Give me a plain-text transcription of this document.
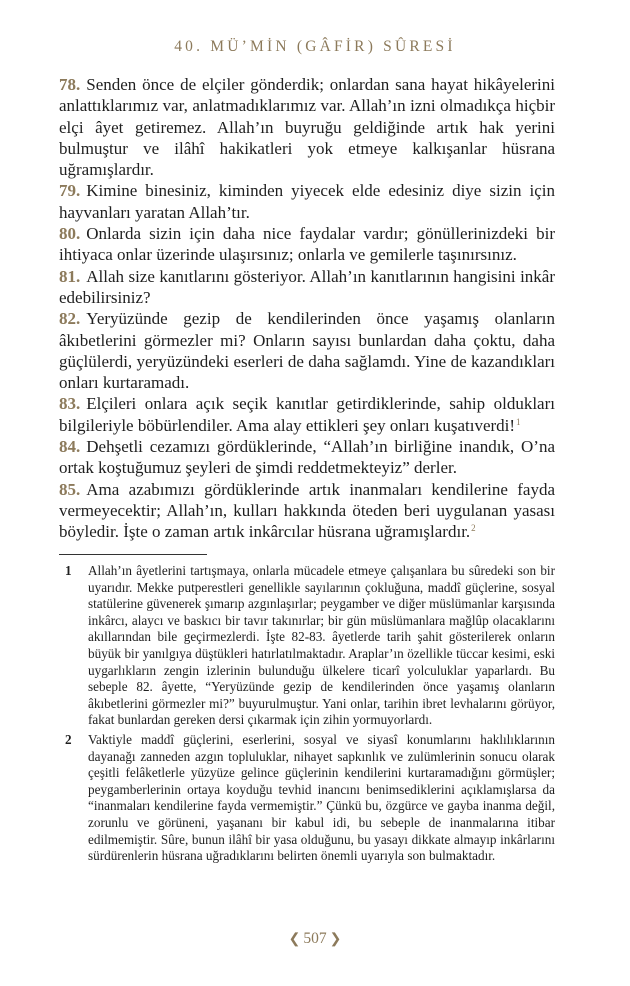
40. MÜ’MİN (GÂFİR) SÛRESİ

78. Senden önce de elçiler gönderdik; onlardan sana hayat hikâyelerini anlattıklarımız var, anlatmadıklarımız var. Allah’ın izni olmadıkça hiçbir elçi âyet getiremez. Allah’ın buyruğu geldiğinde artık hak yerini bulmuştur ve ilâhî hakikatleri yok etmeye kalkışanlar hüsrana uğramışlardır.

79. Kimine binesiniz, kiminden yiyecek elde edesiniz diye sizin için hayvanları yaratan Allah’tır.

80. Onlarda sizin için daha nice faydalar vardır; gönüllerinizdeki bir ihtiyaca onlar üzerinde ulaşırsınız; onlarla ve gemilerle taşınırsınız.

81. Allah size kanıtlarını gösteriyor. Allah’ın kanıtlarının hangisini inkâr edebilirsiniz?

82. Yeryüzünde gezip de kendilerinden önce yaşamış olanların âkıbetlerini görmezler mi? Onların sayısı bunlardan daha çoktu, daha güçlülerdi, yeryüzündeki eserleri de daha sağlamdı. Yine de kazandıkları onları kurtaramadı.

83. Elçileri onlara açık seçik kanıtlar getirdiklerinde, sahip oldukları bilgileriyle böbürlendiler. Ama alay ettikleri şey onları kuşatıverdi!$^1$

84. Dehşetli cezamızı gördüklerinde, “Allah’ın birliğine inandık, O’na ortak koştuğumuz şeyleri de şimdi reddetmekteyiz” derler.

85. Ama azabımızı gördüklerinde artık inanmaları kendilerine fayda vermeyecektir; Allah’ın, kulları hakkında öteden beri uygulanan yasası böyledir. İşte o zaman artık inkârcılar hüsrana uğramışlardır.$^2$

1 Allah’ın âyetlerini tartışmaya, onlarla mücadele etmeye çalışanlara bu sûredeki son bir uyarıdır. Mekke putperestleri genellikle sayılarının çokluğuna, maddî güçlerine, sosyal statülerine güvenerek şımarıp azgınlaşırlar; peygamber ve diğer müslümanlar karşısında inkârcı, alaycı ve baskıcı bir tavır takınırlar; bir gün müslümanlara mağlûp olacaklarını akıllarından bile geçirmezlerdi. İşte 82-83. âyetlerde tarih şahit gösterilerek onların büyük bir yanılgıya düştükleri hatırlatılmaktadır. Araplar’ın özellikle tüccar kesimi, eski uygarlıkların zengin izlerinin bulunduğu ülkelere ticarî yolculuklar yaparlardı. Bu sebeple 82. âyette, “Yeryüzünde gezip de kendilerinden önce yaşamış olanların âkıbetlerini görmezler mi?” buyurulmuştur. Yani onlar, tarihin ibret levhalarını görüyor, fakat bunlardan gereken dersi çıkarmak için zihin yormuyorlardı.

2 Vaktiyle maddî güçlerini, eserlerini, sosyal ve siyasî konumlarını haklılıklarının dayanağı zanneden azgın topluluklar, nihayet sapkınlık ve zulümlerinin sonucu olarak çeşitli felâketlerle yüzyüze gelince güçlerinin kendilerini kurtaramadığını görmüşler; peygamberlerinin ortaya koyduğu tevhid inancını benimsediklerini açıklamışlarsa da “inanmaları kendilerine fayda vermemiştir.” Çünkü bu, özgürce ve gayba inanma değil, zorunlu ve görüneni, yaşananı bir kabul idi, bu sebeple de inanmalarına itibar edilmemiştir. Sûre, bunun ilâhî bir yasa olduğunu, bu yasayı dikkate almayıp inkârlarını sürdürenlerin hüsrana uğradıklarını belirten önemli uyarıyla son bulmaktadır.

❮ 507 ❯
